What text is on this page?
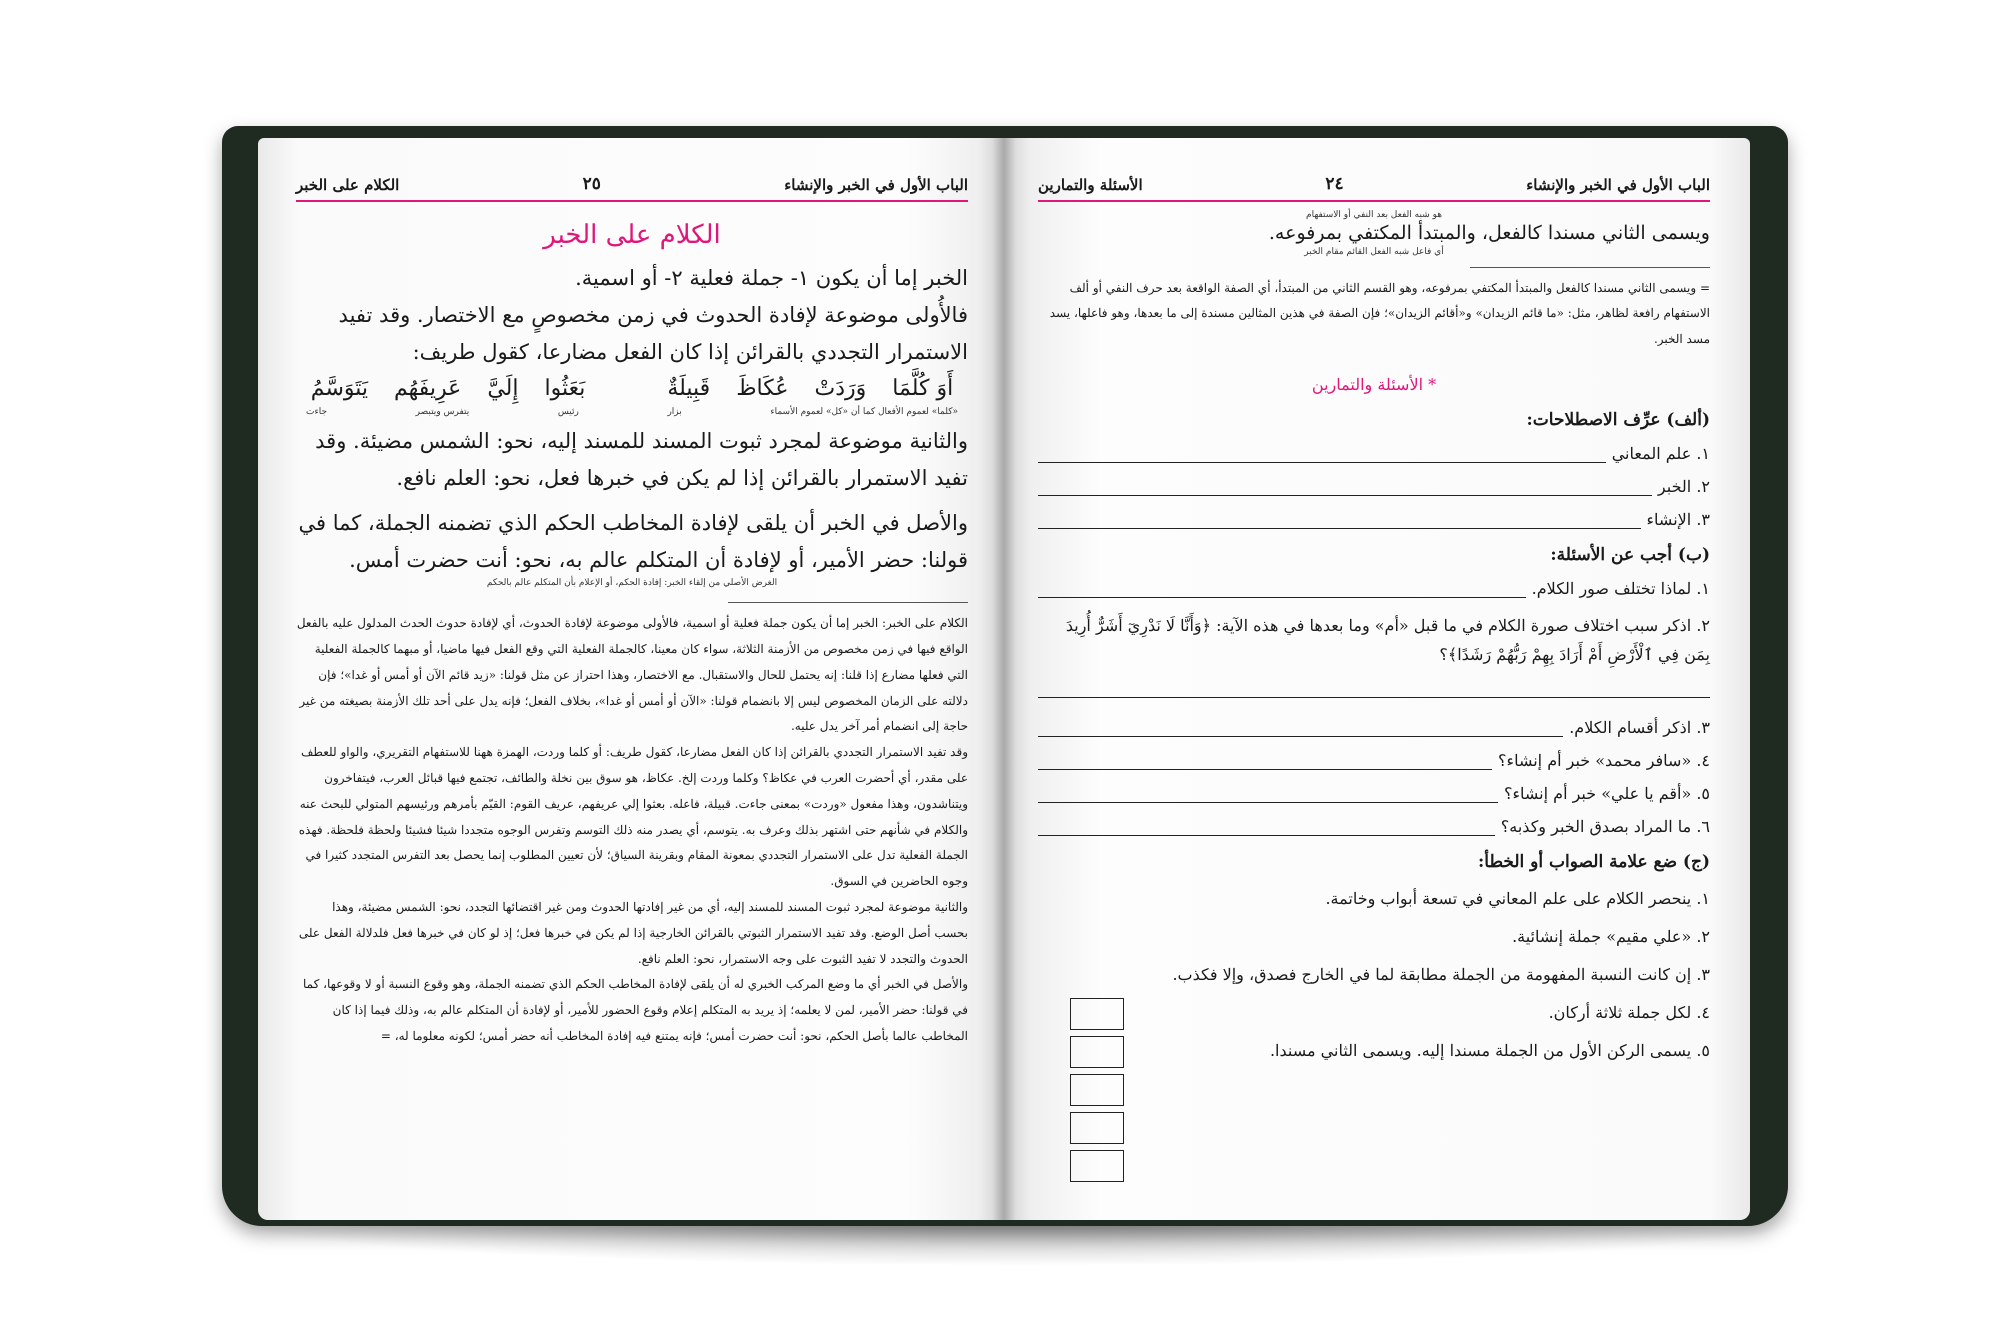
الباب الأول في الخبر والإنشاء
٢٥
الكلام على الخبر
الكلام على الخبر

الخبر إما أن يكون ١- جملة فعلية ٢- أو اسمية.

فالأُولى موضوعة لإفادة الحدوث في زمن مخصوصٍ مع الاختصار. وقد تفيد الاستمرار التجددي بالقرائن إذا كان الفعل مضارعا، كقول طريف:

أَوَ كُلَّمَا
وَرَدَتْ
عُكَاظَ
قَبِيلَةٌ
بَعَثُوا
إِلَيَّ
عَرِيفَهُم
يَتَوَسَّمُ
«كلما» لعموم الأفعال كما أن «كل» لعموم الأسماء
بزار
رئيس
يتفرس ويتبصر
جاءت

والثانية موضوعة لمجرد ثبوت المسند للمسند إليه، نحو: الشمس مضيئة. وقد تفيد الاستمرار بالقرائن إذا لم يكن في خبرها فعل، نحو: العلم نافع.

والأصل في الخبر أن يلقى لإفادة المخاطب الحكم الذي تضمنه الجملة، كما في قولنا: حضر الأمير، أو لإفادة أن المتكلم عالم به، نحو: أنت حضرت أمس.

الغرض الأصلي من إلقاء الخبر: إفادة الحكم، أو الإعلام بأن المتكلم عالم بالحكم

الكلام على الخبر: الخبر إما أن يكون جملة فعلية أو اسمية، فالأولى موضوعة لإفادة الحدوث، أي لإفادة حدوث الحدث المدلول عليه بالفعل الواقع فيها في زمن مخصوص من الأزمنة الثلاثة، سواء كان معينا، كالجملة الفعلية التي وقع الفعل فيها ماضيا، أو مبهما كالجملة الفعلية التي فعلها مضارع إذا قلنا: إنه يحتمل للحال والاستقبال. مع الاختصار، وهذا احتراز عن مثل قولنا: «زيد قائم الآن أو أمس أو غدا»؛ فإن دلالته على الزمان المخصوص ليس إلا بانضمام قولنا: «الآن أو أمس أو غدا»، بخلاف الفعل؛ فإنه يدل على أحد تلك الأزمنة بصيغته من غير حاجة إلى انضمام أمر آخر يدل عليه.

وقد تفيد الاستمرار التجددي بالقرائن إذا كان الفعل مضارعا، كقول طريف: أو كلما وردت، الهمزة ههنا للاستفهام التقريري، والواو للعطف على مقدر، أي أحضرت العرب في عكاظ؟ وكلما وردت إلخ. عكاظ، هو سوق بين نخلة والطائف، تجتمع فيها قبائل العرب، فيتفاخرون ويتناشدون، وهذا مفعول «وردت» بمعنى جاءت. قبيلة، فاعله. بعثوا إلي عريفهم، عريف القوم: القيّم بأمرهم ورئيسهم المتولي للبحث عنه والكلام في شأنهم حتى اشتهر بذلك وعرف به. يتوسم، أي يصدر منه ذلك التوسم وتفرس الوجوه متجددا شيئا فشيئا ولحظة فلحظة. فهذه الجملة الفعلية تدل على الاستمرار التجددي بمعونة المقام وبقرينة السياق؛ لأن تعيين المطلوب إنما يحصل بعد التفرس المتجدد كثيرا في وجوه الحاضرين في السوق.

والثانية موضوعة لمجرد ثبوت المسند للمسند إليه، أي من غير إفادتها الحدوث ومن غير اقتضائها التجدد، نحو: الشمس مضيئة، وهذا بحسب أصل الوضع. وقد تفيد الاستمرار الثبوتي بالقرائن الخارجية إذا لم يكن في خبرها فعل؛ إذ لو كان في خبرها فعل فلدلالة الفعل على الحدوث والتجدد لا تفيد الثبوت على وجه الاستمرار، نحو: العلم نافع.

والأصل في الخبر أي ما وضع المركب الخبري له أن يلقى لإفادة المخاطب الحكم الذي تضمنه الجملة، وهو وقوع النسبة أو لا وقوعها، كما في قولنا: حضر الأمير، لمن لا يعلمه؛ إذ يريد به المتكلم إعلام وقوع الحضور للأمير، أو لإفادة أن المتكلم عالم به، وذلك فيما إذا كان المخاطب عالما بأصل الحكم، نحو: أنت حضرت أمس؛ فإنه يمتنع فيه إفادة المخاطب أنه حضر أمس؛ لكونه معلوما له، =

الباب الأول في الخبر والإنشاء
٢٤
الأسئلة والتمارين
هو شبه الفعل بعد النفي أو الاستفهام

ويسمى الثاني مسندا كالفعل، والمبتدأ المكتفي بمرفوعه.

أي فاعل شبه الفعل القائم مقام الخبر

= ويسمى الثاني مسندا كالفعل والمبتدأ المكتفي بمرفوعه، وهو القسم الثاني من المبتدأ، أي الصفة الواقعة بعد حرف النفي أو ألف الاستفهام رافعة لظاهر، مثل: «ما قائم الزيدان» و«أقائم الزيدان»؛ فإن الصفة في هذين المثالين مسندة إلى ما بعدها، وهو فاعلها، يسد مسد الخبر.

* الأسئلة والتمارين
(ألف) عرِّف الاصطلاحات:
١. علم المعاني
٢. الخبر
٣. الإنشاء
(ب) أجب عن الأسئلة:
١. لماذا تختلف صور الكلام.

٢. اذكر سبب اختلاف صورة الكلام في ما قبل «أم» وما بعدها في هذه الآية: ﴿وَأَنَّا لَا نَدْرِيٓ أَشَرٌّ أُرِيدَ بِمَن فِي ٱلْأَرْضِ أَمْ أَرَادَ بِهِمْ رَبُّهُمْ رَشَدًا﴾؟

٣. اذكر أقسام الكلام.
٤. «سافر محمد» خبر أم إنشاء؟
٥. «أقم يا علي» خبر أم إنشاء؟
٦. ما المراد بصدق الخبر وكذبه؟
(ج) ضع علامة الصواب أو الخطأ:

١. ينحصر الكلام على علم المعاني في تسعة أبواب وخاتمة.

٢. «علي مقيم» جملة إنشائية.

٣. إن كانت النسبة المفهومة من الجملة مطابقة لما في الخارج فصدق، وإلا فكذب.

٤. لكل جملة ثلاثة أركان.

٥. يسمى الركن الأول من الجملة مسندا إليه. ويسمى الثاني مسندا.
